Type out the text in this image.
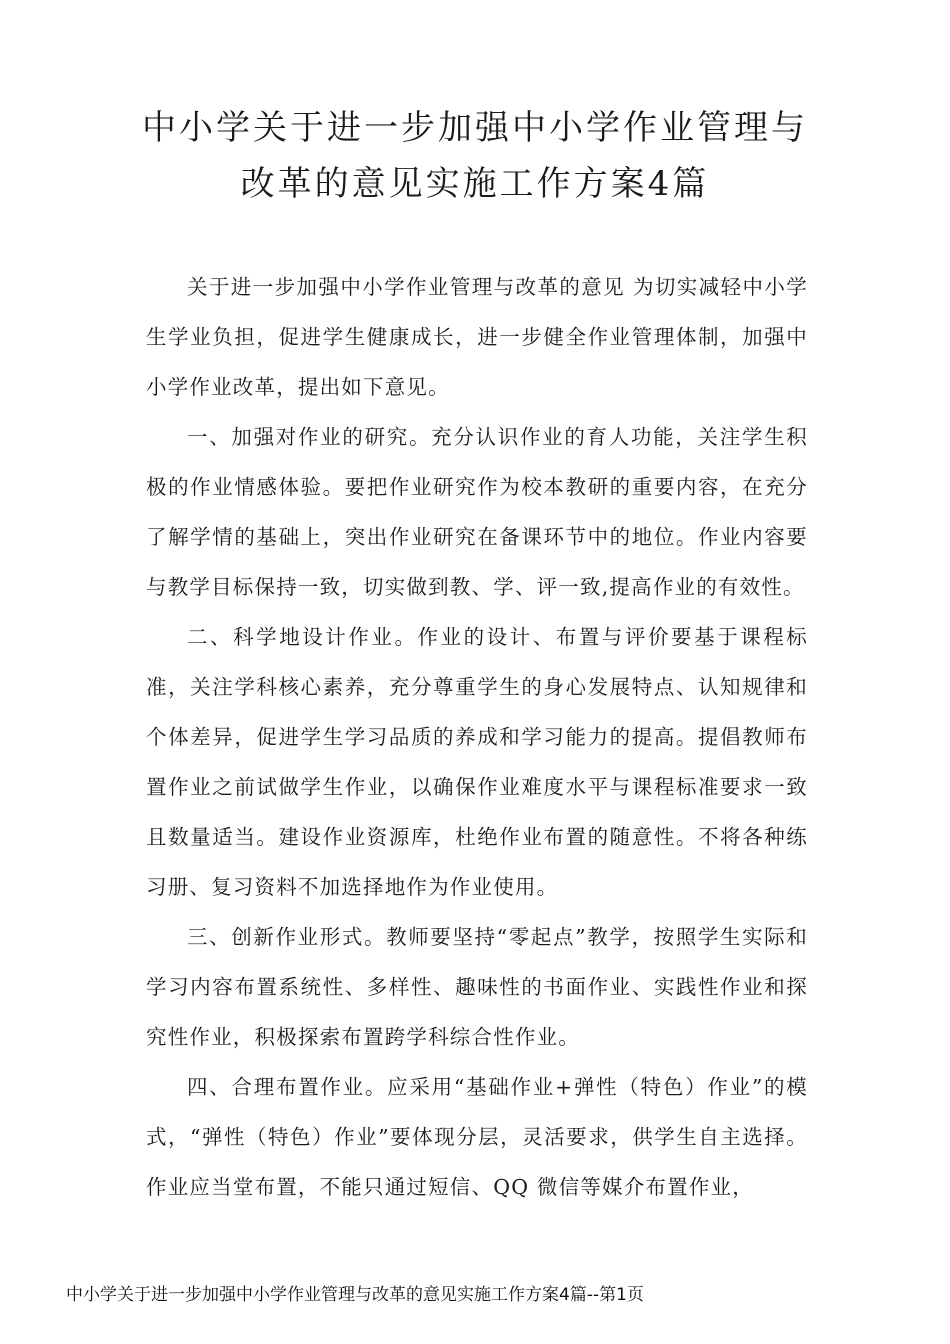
中小学关于进一步加强中小学作业管理与
改革的意见实施工作方案4篇

关于进一步加强中小学作业管理与改革的意见 为切实减轻中小学生学业负担，促进学生健康成长，进一步健全作业管理体制，加强中小学作业改革，提出如下意见。

一、加强对作业的研究。充分认识作业的育人功能，关注学生积极的作业情感体验。要把作业研究作为校本教研的重要内容，在充分了解学情的基础上，突出作业研究在备课环节中的地位。作业内容要与教学目标保持一致，切实做到教、学、评一致,提高作业的有效性。

二、科学地设计作业。作业的设计、布置与评价要基于课程标准，关注学科核心素养，充分尊重学生的身心发展特点、认知规律和个体差异，促进学生学习品质的养成和学习能力的提高。提倡教师布置作业之前试做学生作业，以确保作业难度水平与课程标准要求一致且数量适当。建设作业资源库，杜绝作业布置的随意性。不将各种练习册、复习资料不加选择地作为作业使用。

三、创新作业形式。教师要坚持“零起点”教学，按照学生实际和学习内容布置系统性、多样性、趣味性的书面作业、实践性作业和探究性作业，积极探索布置跨学科综合性作业。

四、合理布置作业。应采用“基础作业+弹性（特色）作业”的模式，“弹性（特色）作业”要体现分层，灵活要求，供学生自主选择。作业应当堂布置，不能只通过短信、QQ 微信等媒介布置作业，

中小学关于进一步加强中小学作业管理与改革的意见实施工作方案4篇--第1页
